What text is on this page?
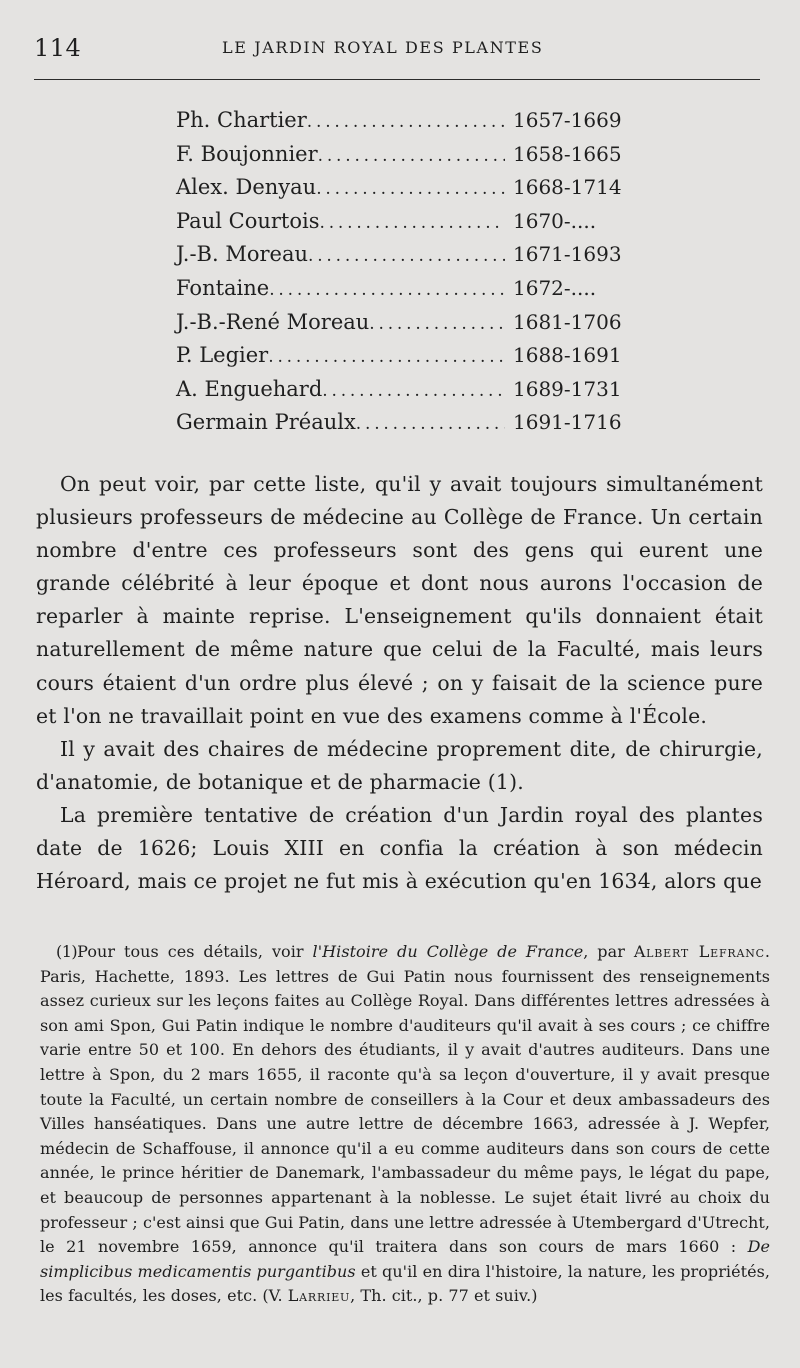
114	LE JARDIN ROYAL DES PLANTES
Ph. Chartier . . .	1657-1669
F. Boujonnier . . .	1658-1665
Alex. Denyau . . .	1668-1714
Paul Courtois . . .	1670-....
J.-B. Moreau . . .	1671-1693
Fontaine . . .	1672-....
J.-B.-René Moreau . . .	1681-1706
P. Legier . . .	1688-1691
A. Enguehard . . .	1689-1731
Germain Préaulx . . .	1691-1716

On peut voir, par cette liste, qu'il y avait toujours simultanément plusieurs professeurs de médecine au Collège de France. Un certain nombre d'entre ces professeurs sont des gens qui eurent une grande célébrité à leur époque et dont nous aurons l'occasion de reparler à mainte reprise. L'enseignement qu'ils donnaient était naturellement de même nature que celui de la Faculté, mais leurs cours étaient d'un ordre plus élevé ; on y faisait de la science pure et l'on ne travaillait point en vue des examens comme à l'École.

Il y avait des chaires de médecine proprement dite, de chirurgie, d'anatomie, de botanique et de pharmacie (1).

La première tentative de création d'un Jardin royal des plantes date de 1626; Louis XIII en confia la création à son médecin Héroard, mais ce projet ne fut mis à exécution qu'en 1634, alors que

(1)Pour tous ces détails, voir l'Histoire du Collège de France, par Albert Lefranc. Paris, Hachette, 1893. Les lettres de Gui Patin nous fournissent des renseignements assez curieux sur les leçons faites au Collège Royal. Dans différentes lettres adressées à son ami Spon, Gui Patin indique le nombre d'auditeurs qu'il avait à ses cours ; ce chiffre varie entre 50 et 100. En dehors des étudiants, il y avait d'autres auditeurs. Dans une lettre à Spon, du 2 mars 1655, il raconte qu'à sa leçon d'ouverture, il y avait presque toute la Faculté, un certain nombre de conseillers à la Cour et deux ambassadeurs des Villes hanséatiques. Dans une autre lettre de décembre 1663, adressée à J. Wepfer, médecin de Schaffouse, il annonce qu'il a eu comme auditeurs dans son cours de cette année, le prince héritier de Danemark, l'ambassadeur du même pays, le légat du pape, et beaucoup de personnes appartenant à la noblesse. Le sujet était livré au choix du professeur ; c'est ainsi que Gui Patin, dans une lettre adressée à Utembergard d'Utrecht, le 21 novembre 1659, annonce qu'il traitera dans son cours de mars 1660 : De simplicibus medicamentis purgantibus et qu'il en dira l'histoire, la nature, les propriétés, les facultés, les doses, etc. (V. Larrieu, Th. cit., p. 77 et suiv.)
